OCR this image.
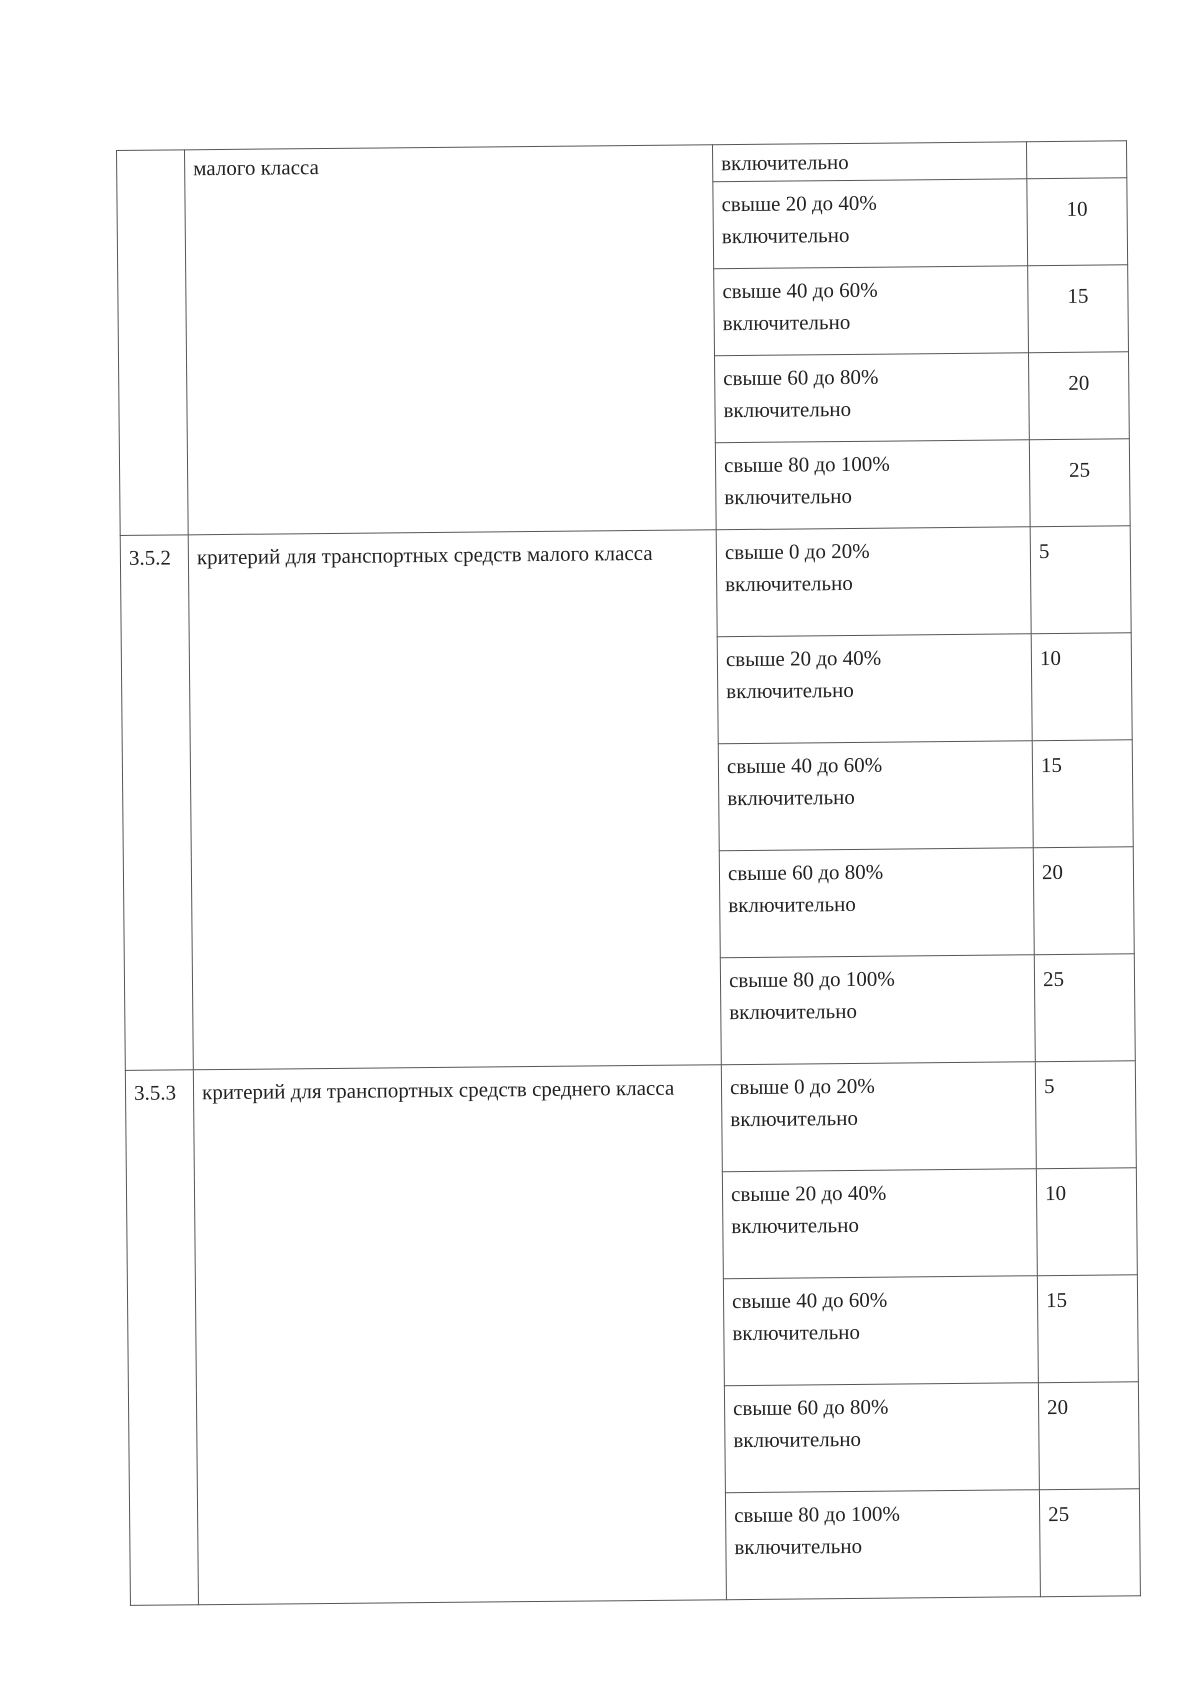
	малого класса	включительно	

		свыше 20 до 40%
включительно	10

		свыше 40 до 60%
включительно	15

		свыше 60 до 80%
включительно	20

		свыше 80 до 100%
включительно	25
3.5.2	критерий для транспортных средств малого класса	свыше 0 до 20%
включительно	5

		свыше 20 до 40%
включительно	10

		свыше 40 до 60%
включительно	15

		свыше 60 до 80%
включительно	20

		свыше 80 до 100%
включительно	25
3.5.3	критерий для транспортных средств среднего класса	свыше 0 до 20%
включительно	5

		свыше 20 до 40%
включительно	10

		свыше 40 до 60%
включительно	15

		свыше 60 до 80%
включительно	20

		свыше 80 до 100%
включительно	25
